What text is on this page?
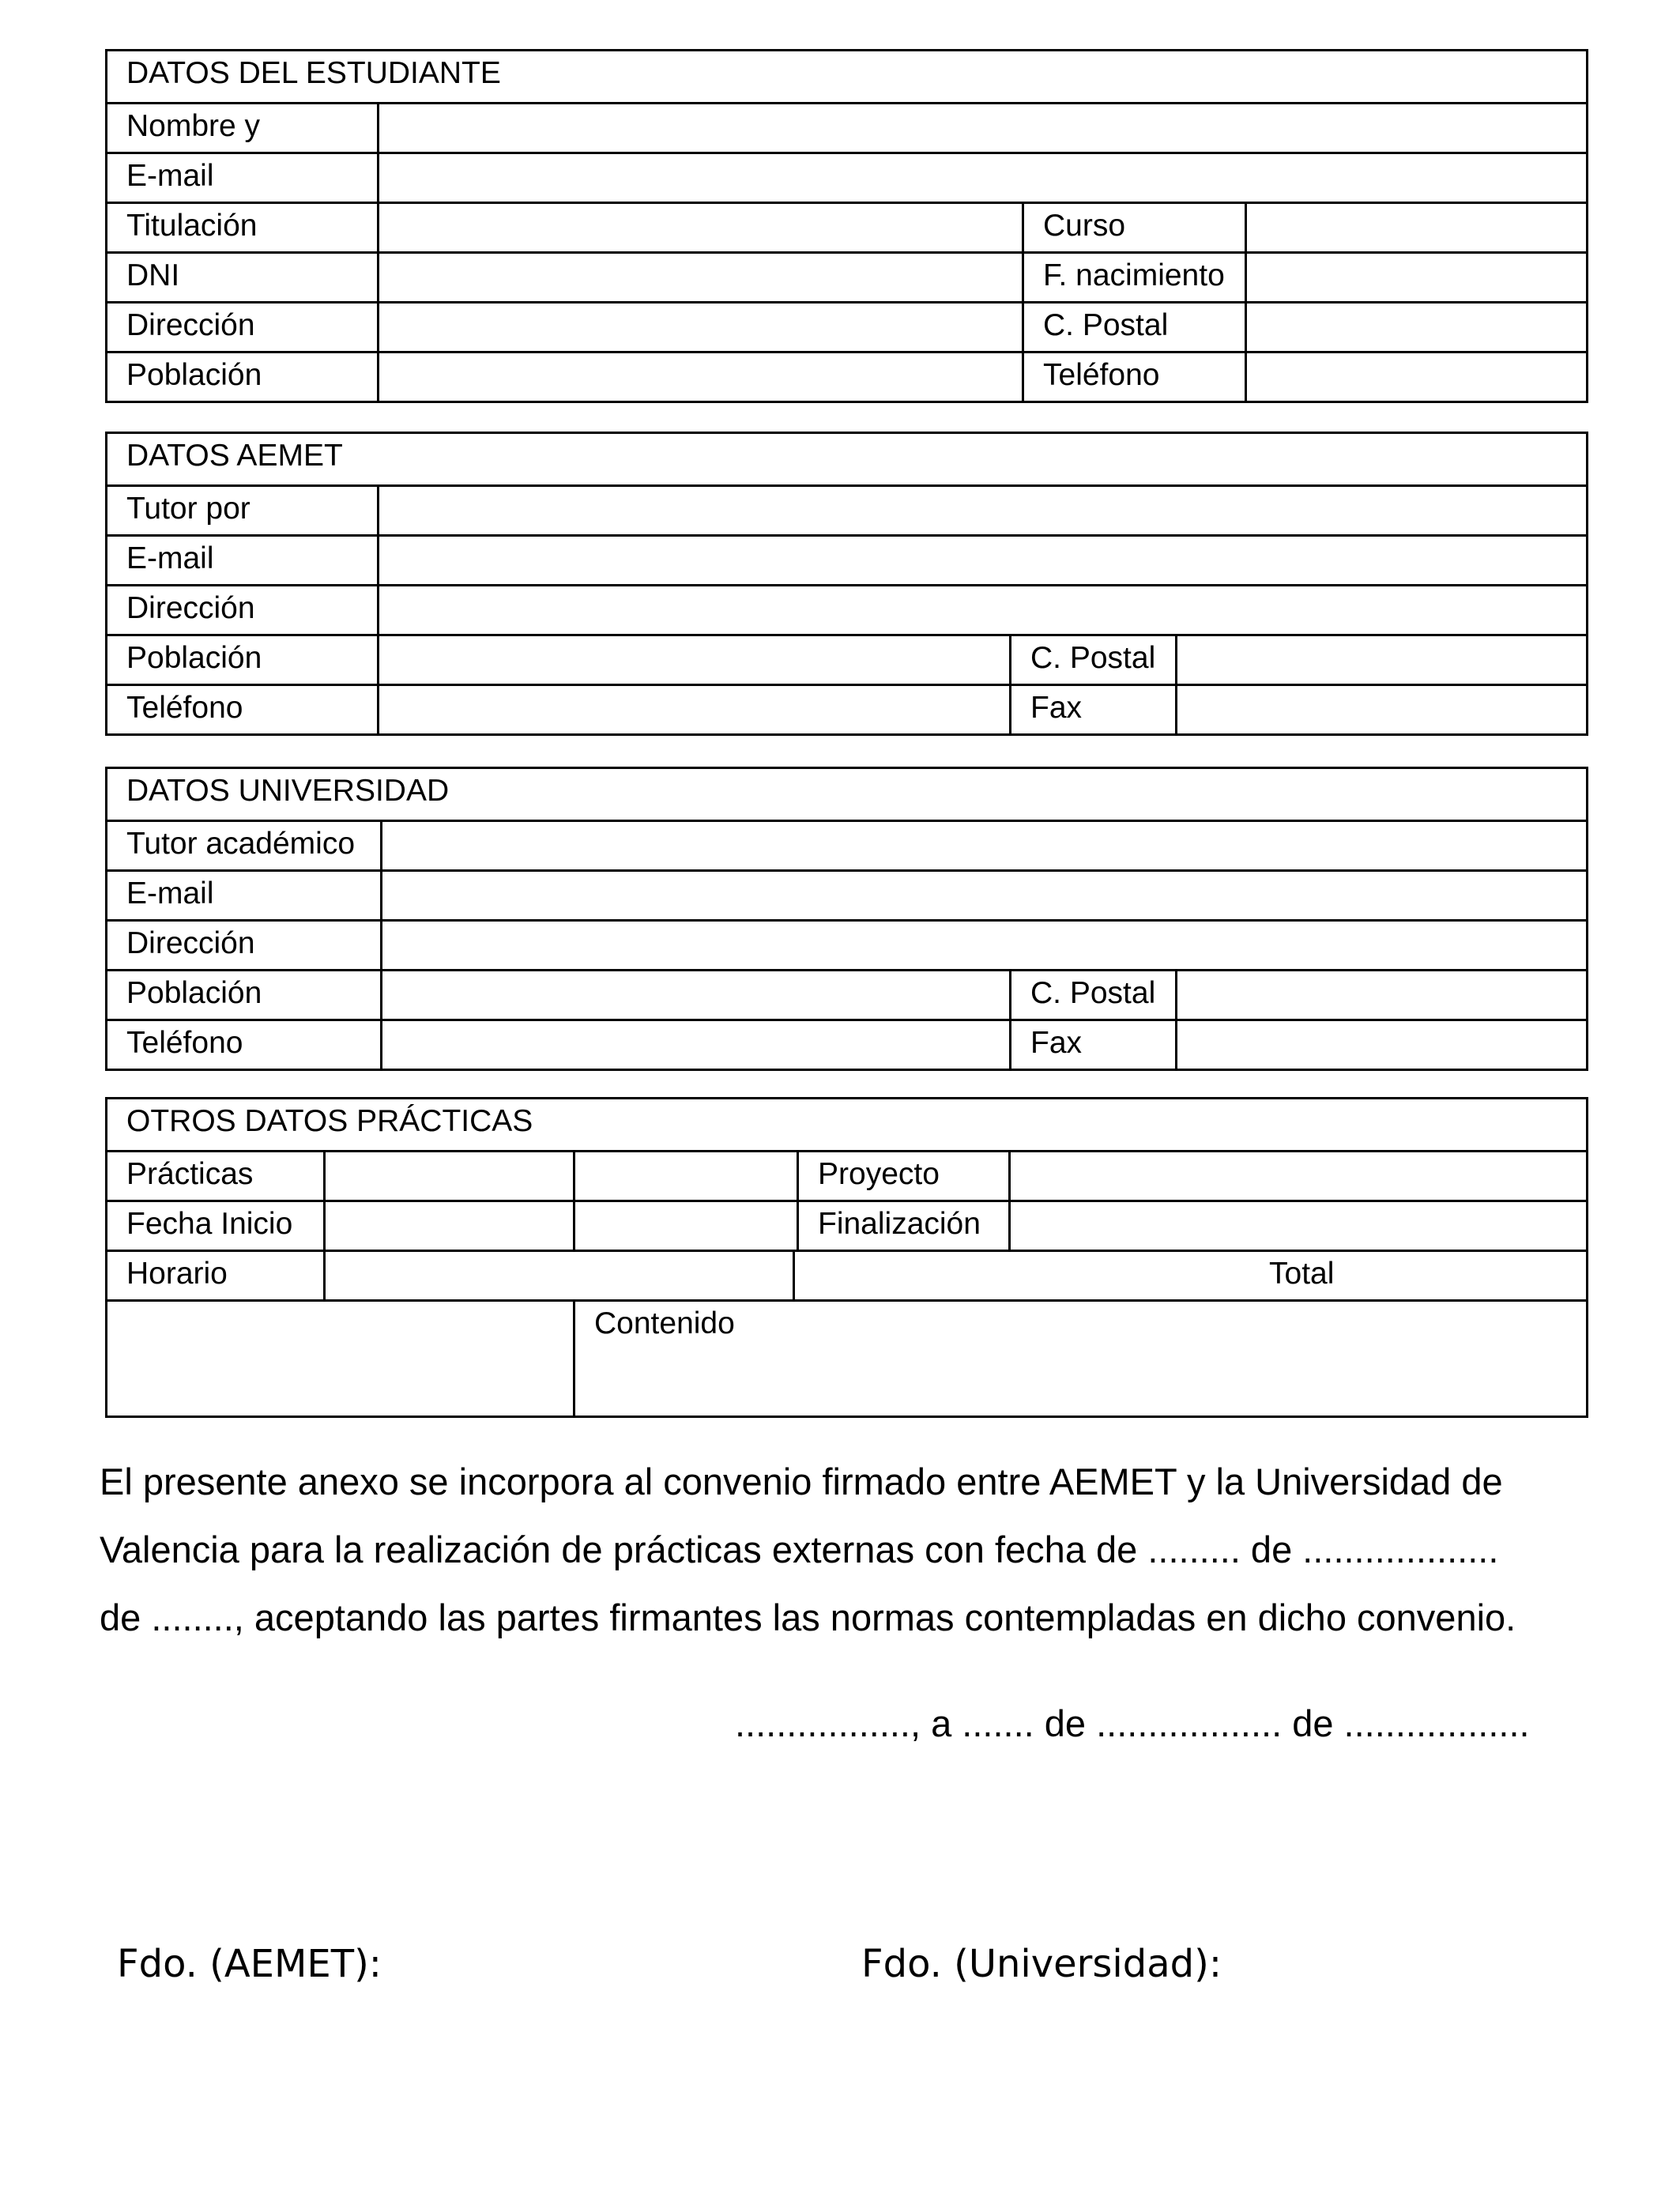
DATOS DEL ESTUDIANTE			
Nombre y			
E-mail			
Titulación		Curso	
DNI		F. nacimiento	
Dirección		C. Postal	
Población		Teléfono	
DATOS AEMET			
Tutor por			
E-mail			
Dirección			
Población		C. Postal	
Teléfono		Fax	
DATOS UNIVERSIDAD			
Tutor académico			
E-mail			
Dirección			
Población		C. Postal	
Teléfono		Fax	
OTROS DATOS PRÁCTICAS					
Prácticas				Proyecto	
Fecha Inicio				Finalización	
Horario			Total		

		Contenido			

El presente anexo se incorpora al convenio firmado entre AEMET y la Universidad de

Valencia para la realización de prácticas externas con fecha de ......... de ...................

de ........, aceptando las partes firmantes las normas contempladas en dicho convenio.

................., a ....... de .................. de ..................
Fdo. (AEMET):	Fdo. (Universidad):
